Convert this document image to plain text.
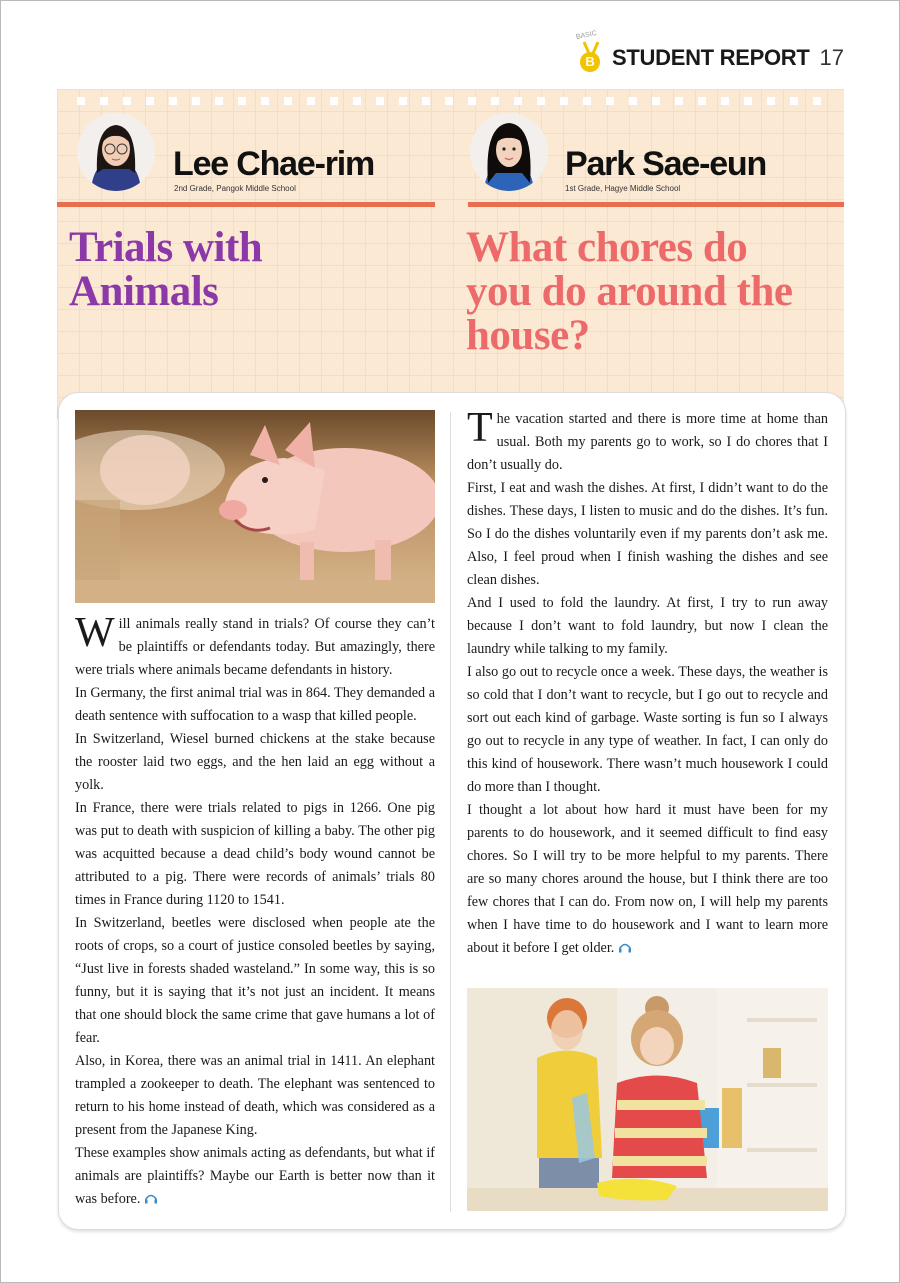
BASIC
B STUDENT REPORT 17
Lee Chae-rim
2nd Grade, Pangok Middle School
Park Sae-eun
1st Grade, Hagye Middle School
Trials with
Animals
What chores do
you do around the
house?

Will animals really stand in trials? Of course they can’t be plaintiffs or defendants today. But amazingly, there were trials where animals became defendants in history.

In Germany, the first animal trial was in 864. They demanded a death sentence with suffocation to a wasp that killed people.

In Switzerland, Wiesel burned chickens at the stake because the rooster laid two eggs, and the hen laid an egg without a yolk.

In France, there were trials related to pigs in 1266. One pig was put to death with suspicion of killing a baby. The other pig was acquitted because a dead child’s body wound cannot be attributed to a pig. There were records of animals’ trials 80 times in France during 1120 to 1541.

In Switzerland, beetles were disclosed when people ate the roots of crops, so a court of justice consoled beetles by saying, “Just live in forests shaded wasteland.” In some way, this is so funny, but it is saying that it’s not just an incident. It means that one should block the same crime that gave humans a lot of fear.

Also, in Korea, there was an animal trial in 1411. An elephant trampled a zookeeper to death. The elephant was sentenced to return to his home instead of death, which was considered as a present from the Japanese King.

These examples show animals acting as defendants, but what if animals are plaintiffs? Maybe our Earth is better now than it was before.

The vacation started and there is more time at home than usual. Both my parents go to work, so I do chores that I don’t usually do.

First, I eat and wash the dishes. At first, I didn’t want to do the dishes. These days, I listen to music and do the dishes. It’s fun. So I do the dishes voluntarily even if my parents don’t ask me. Also, I feel proud when I finish washing the dishes and see clean dishes.

And I used to fold the laundry. At first, I try to run away because I don’t want to fold laundry, but now I clean the laundry while talking to my family.

I also go out to recycle once a week. These days, the weather is so cold that I don’t want to recycle, but I go out to recycle and sort out each kind of garbage. Waste sorting is fun so I always go out to recycle in any type of weather. In fact, I can only do this kind of housework. There wasn’t much housework I could do more than I thought.

I thought a lot about how hard it must have been for my parents to do housework, and it seemed difficult to find easy chores. So I will try to be more helpful to my parents. There are so many chores around the house, but I think there are too few chores that I can do. From now on, I will help my parents when I have time to do housework and I want to learn more about it before I get older.
